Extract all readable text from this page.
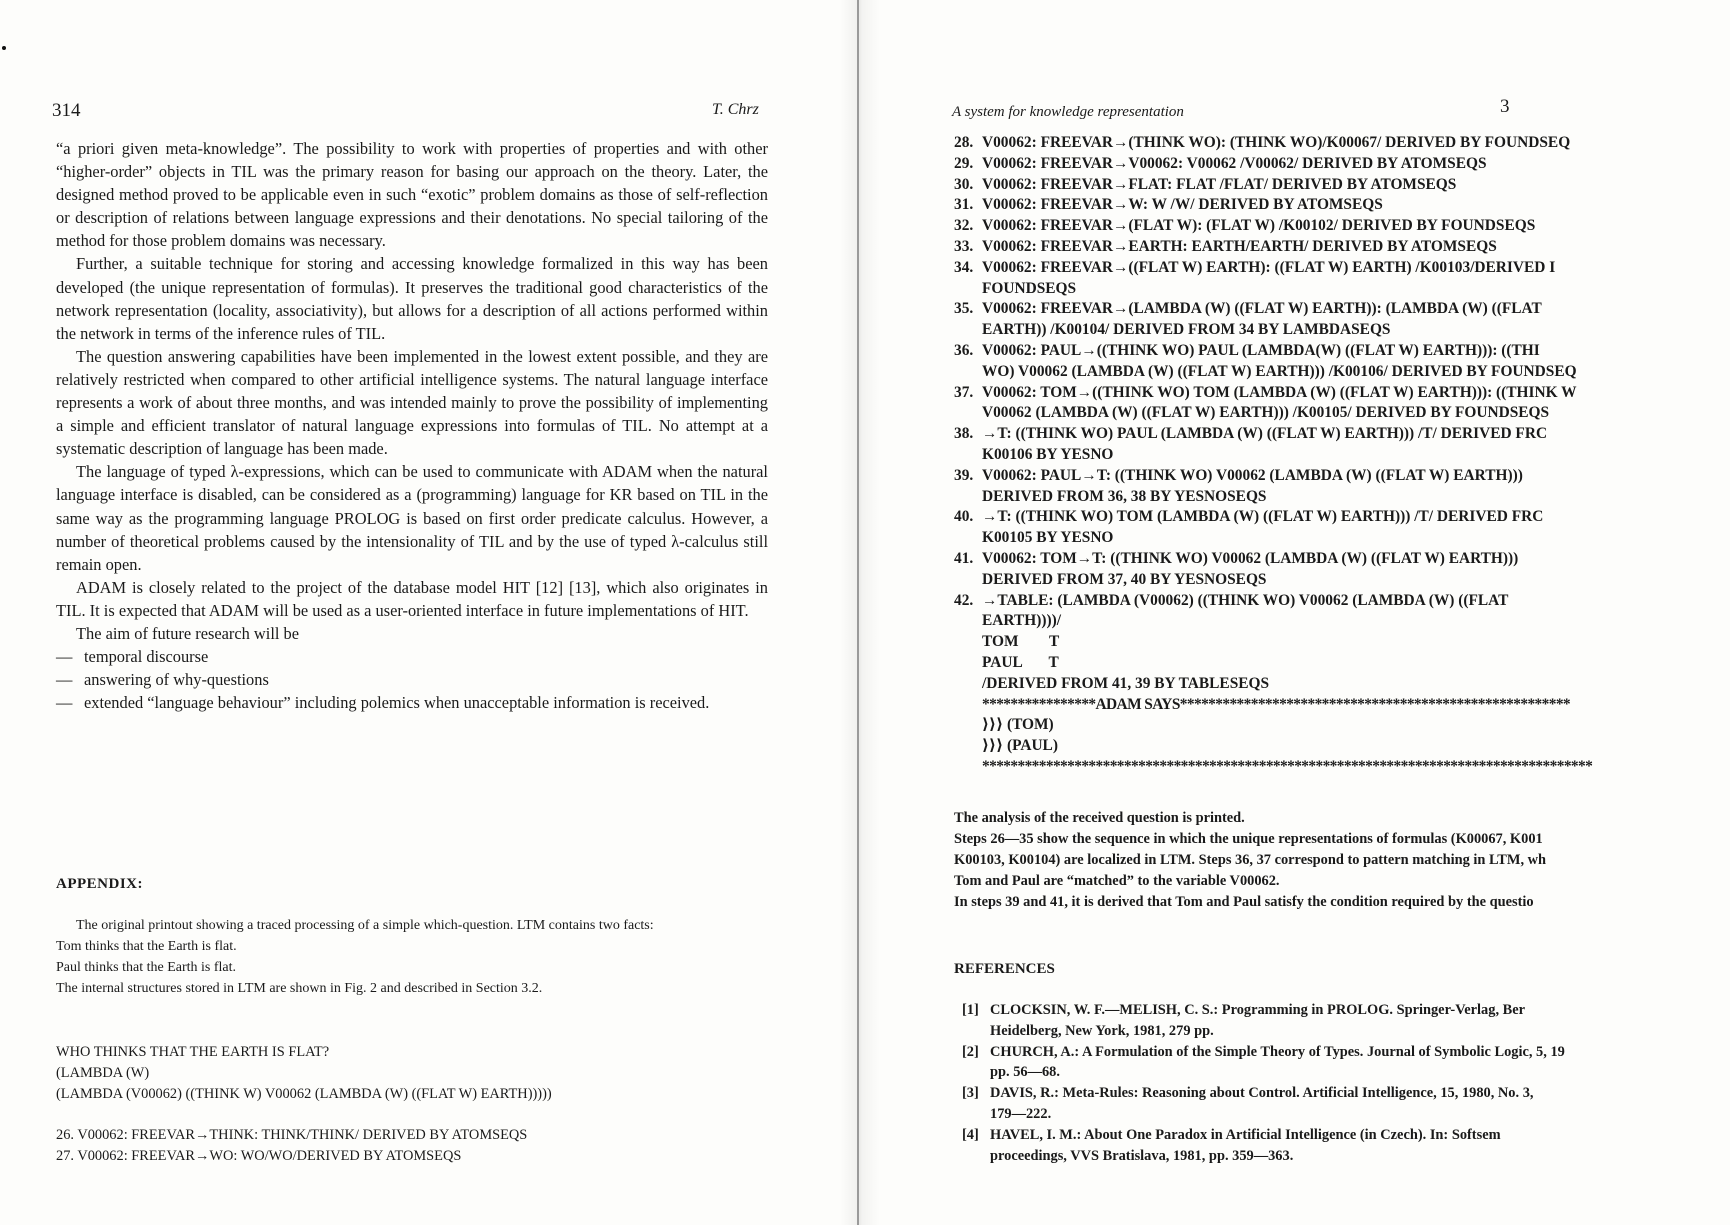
314	T. Chrz

“a priori given meta-knowledge”. The possibility to work with properties of properties and with other “higher-order” objects in TIL was the primary reason for basing our approach on the theory. Later, the designed method proved to be applicable even in such “exotic” problem domains as those of self-reflection or description of relations between language expressions and their denotations. No special tailoring of the method for those problem domains was necessary.

Further, a suitable technique for storing and accessing knowledge formalized in this way has been developed (the unique representation of formulas). It preserves the traditional good characteristics of the network representation (locality, associativity), but allows for a description of all actions performed within the network in terms of the inference rules of TIL.

The question answering capabilities have been implemented in the lowest extent possible, and they are relatively restricted when compared to other artificial intelligence systems. The natural language interface represents a work of about three months, and was intended mainly to prove the possibility of implementing a simple and efficient translator of natural language expressions into formulas of TIL. No attempt at a systematic description of language has been made.

The language of typed λ-expressions, which can be used to communicate with ADAM when the natural language interface is disabled, can be considered as a (programming) language for KR based on TIL in the same way as the programming language PROLOG is based on first order predicate calculus. However, a number of theoretical problems caused by the intensionality of TIL and by the use of typed λ-calculus still remain open.

ADAM is closely related to the project of the database model HIT [12] [13], which also originates in TIL. It is expected that ADAM will be used as a user-oriented interface in future implementations of HIT.

The aim of future research will be

— temporal discourse

— answering of why-questions

— extended “language behaviour” including polemics when unacceptable information is received.

APPENDIX:

The original printout showing a traced processing of a simple which-question. LTM contains two facts:

Tom thinks that the Earth is flat.

Paul thinks that the Earth is flat.

The internal structures stored in LTM are shown in Fig. 2 and described in Section 3.2.

WHO THINKS THAT THE EARTH IS FLAT?
(LAMBDA (W)
(LAMBDA (V00062) ((THINK W) V00062 (LAMBDA (W) ((FLAT W) EARTH)))))
26. V00062: FREEVAR→THINK: THINK/THINK/ DERIVED BY ATOMSEQS
27. V00062: FREEVAR→WO: WO/WO/DERIVED BY ATOMSEQS
A system for knowledge representation	3
28. V00062: FREEVAR→(THINK WO): (THINK WO)/K00067/ DERIVED BY FOUNDSEQ
29. V00062: FREEVAR→V00062: V00062 /V00062/ DERIVED BY ATOMSEQS
30. V00062: FREEVAR→FLAT: FLAT /FLAT/ DERIVED BY ATOMSEQS
31. V00062: FREEVAR→W: W /W/ DERIVED BY ATOMSEQS
32. V00062: FREEVAR→(FLAT W): (FLAT W) /K00102/ DERIVED BY FOUNDSEQS
33. V00062: FREEVAR→EARTH: EARTH/EARTH/ DERIVED BY ATOMSEQS
34. V00062: FREEVAR→((FLAT W) EARTH): ((FLAT W) EARTH) /K00103/DERIVED I
FOUNDSEQS
35. V00062: FREEVAR→(LAMBDA (W) ((FLAT W) EARTH)): (LAMBDA (W) ((FLAT
EARTH)) /K00104/ DERIVED FROM 34 BY LAMBDASEQS
36. V00062: PAUL→((THINK WO) PAUL (LAMBDA(W) ((FLAT W) EARTH))): ((THI
WO) V00062 (LAMBDA (W) ((FLAT W) EARTH))) /K00106/ DERIVED BY FOUNDSEQ
37. V00062: TOM→((THINK WO) TOM (LAMBDA (W) ((FLAT W) EARTH))): ((THINK W
V00062 (LAMBDA (W) ((FLAT W) EARTH))) /K00105/ DERIVED BY FOUNDSEQS
38. →T: ((THINK WO) PAUL (LAMBDA (W) ((FLAT W) EARTH))) /T/ DERIVED FRC
K00106 BY YESNO
39. V00062: PAUL→T: ((THINK WO) V00062 (LAMBDA (W) ((FLAT W) EARTH)))
DERIVED FROM 36, 38 BY YESNOSEQS
40. →T: ((THINK WO) TOM (LAMBDA (W) ((FLAT W) EARTH))) /T/ DERIVED FRC
K00105 BY YESNO
41. V00062: TOM→T: ((THINK WO) V00062 (LAMBDA (W) ((FLAT W) EARTH)))
DERIVED FROM 37, 40 BY YESNOSEQS
42. →TABLE: (LAMBDA (V00062) ((THINK WO) V00062 (LAMBDA (W) ((FLAT
EARTH))))/
TOM        T
PAUL       T
/DERIVED FROM 41, 39 BY TABLESEQS
****************ADAM SAYS*******************************************************
⟩⟩⟩ (TOM)
⟩⟩⟩ (PAUL)
**************************************************************************************
The analysis of the received question is printed.
Steps 26—35 show the sequence in which the unique representations of formulas (K00067, K001
K00103, K00104) are localized in LTM. Steps 36, 37 correspond to pattern matching in LTM, wh
Tom and Paul are “matched” to the variable V00062.
In steps 39 and 41, it is derived that Tom and Paul satisfy the condition required by the questio
REFERENCES
[1] CLOCKSIN, W. F.—MELISH, C. S.: Programming in PROLOG. Springer-Verlag, Ber
Heidelberg, New York, 1981, 279 pp.
[2] CHURCH, A.: A Formulation of the Simple Theory of Types. Journal of Symbolic Logic, 5, 19
pp. 56—68.
[3] DAVIS, R.: Meta-Rules: Reasoning about Control. Artificial Intelligence, 15, 1980, No. 3,
179—222.
[4] HAVEL, I. M.: About One Paradox in Artificial Intelligence (in Czech). In: Softsem
proceedings, VVS Bratislava, 1981, pp. 359—363.
